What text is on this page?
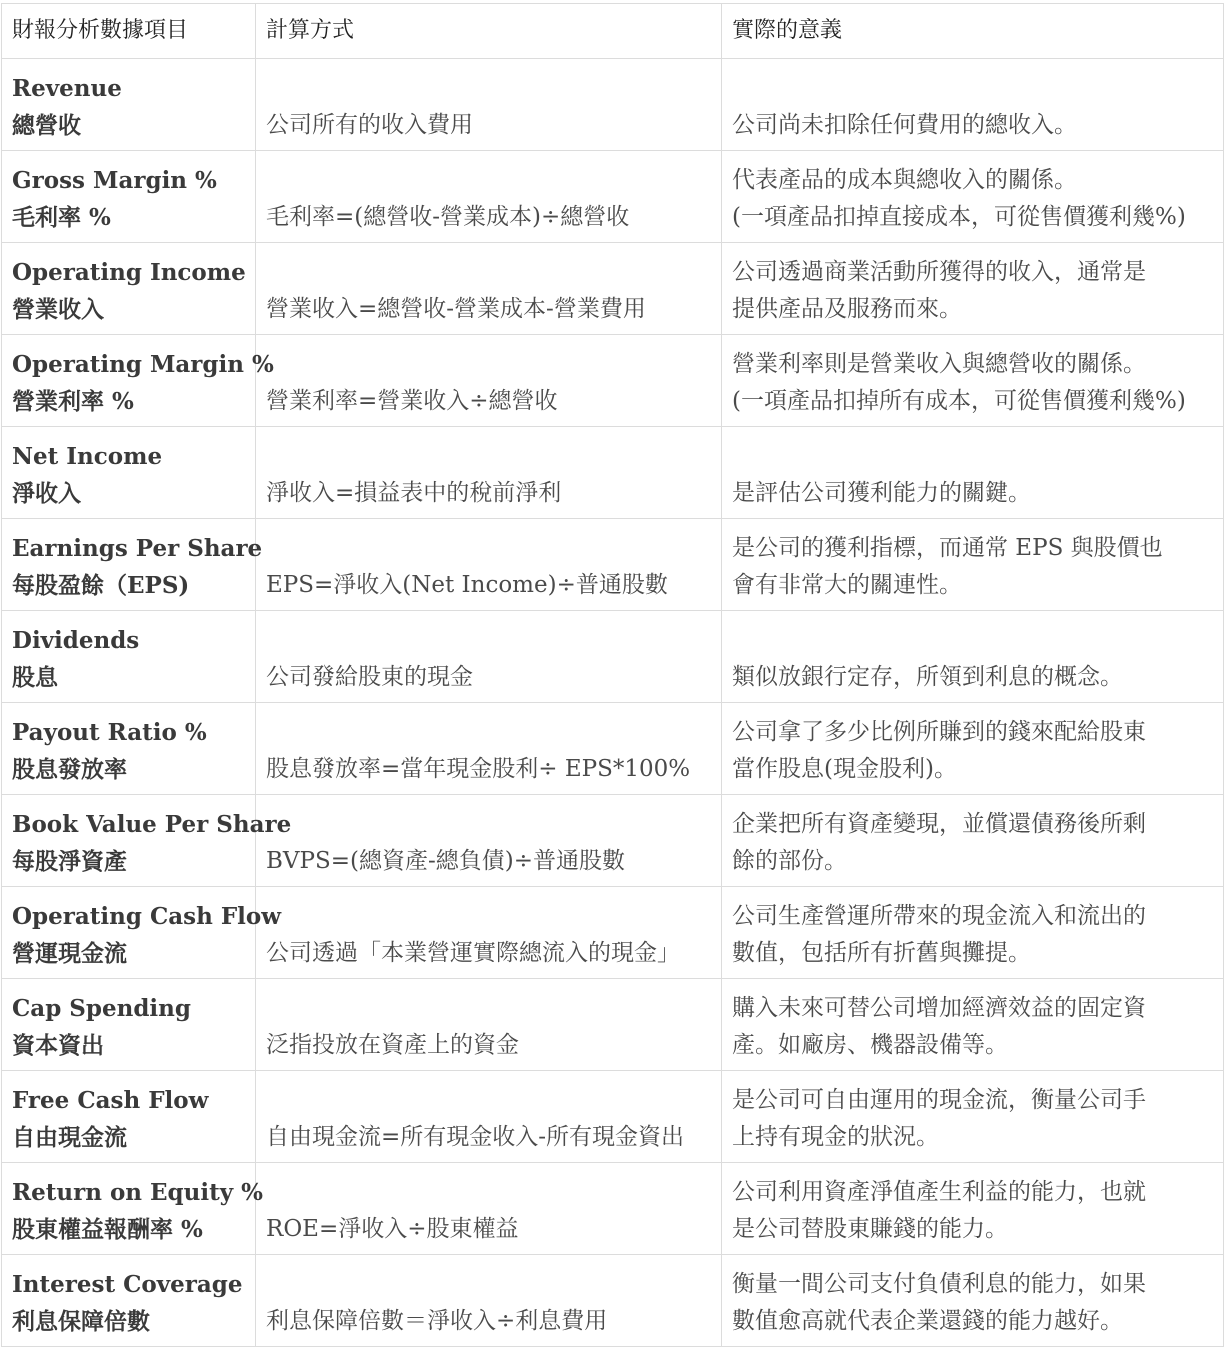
財報分析數據項目	計算方式	實際的意義

Revenue
總營收	公司所有的收入費用	公司尚未扣除任何費用的總收入。

Gross Margin %
毛利率 %	毛利率=(總營收-營業成本)÷總營收	代表產品的成本與總收入的關係。
(一項產品扣掉直接成本，可從售價獲利幾%)

Operating Income
營業收入	營業收入=總營收-營業成本-營業費用	公司透過商業活動所獲得的收入，通常是
提供產品及服務而來。

Operating Margin %
營業利率 %	營業利率=營業收入÷總營收	營業利率則是營業收入與總營收的關係。
(一項產品扣掉所有成本，可從售價獲利幾%)

Net Income
淨收入	淨收入=損益表中的稅前淨利	是評估公司獲利能力的關鍵。

Earnings Per Share
每股盈餘（EPS)	EPS=淨收入(Net Income)÷普通股數	是公司的獲利指標，而通常 EPS 與股價也
會有非常大的關連性。

Dividends
股息	公司發給股東的現金	類似放銀行定存，所領到利息的概念。

Payout Ratio %
股息發放率	股息發放率=當年現金股利÷ EPS*100%	公司拿了多少比例所賺到的錢來配給股東
當作股息(現金股利)。

Book Value Per Share
每股淨資產	BVPS=(總資產-總負債)÷普通股數	企業把所有資產變現，並償還債務後所剩
餘的部份。

Operating Cash Flow
營運現金流	公司透過「本業營運實際總流入的現金」	公司生產營運所帶來的現金流入和流出的
數值，包括所有折舊與攤提。

Cap Spending
資本資出	泛指投放在資產上的資金	購入未來可替公司增加經濟效益的固定資
產。如廠房、機器設備等。

Free Cash Flow
自由現金流	自由現金流=所有現金收入-所有現金資出	是公司可自由運用的現金流，衡量公司手
上持有現金的狀況。

Return on Equity %
股東權益報酬率 %	ROE=淨收入÷股東權益	公司利用資產淨值產生利益的能力，也就
是公司替股東賺錢的能力。

Interest Coverage
利息保障倍數	利息保障倍數＝淨收入÷利息費用	衡量一間公司支付負債利息的能力，如果
數值愈高就代表企業還錢的能力越好。
